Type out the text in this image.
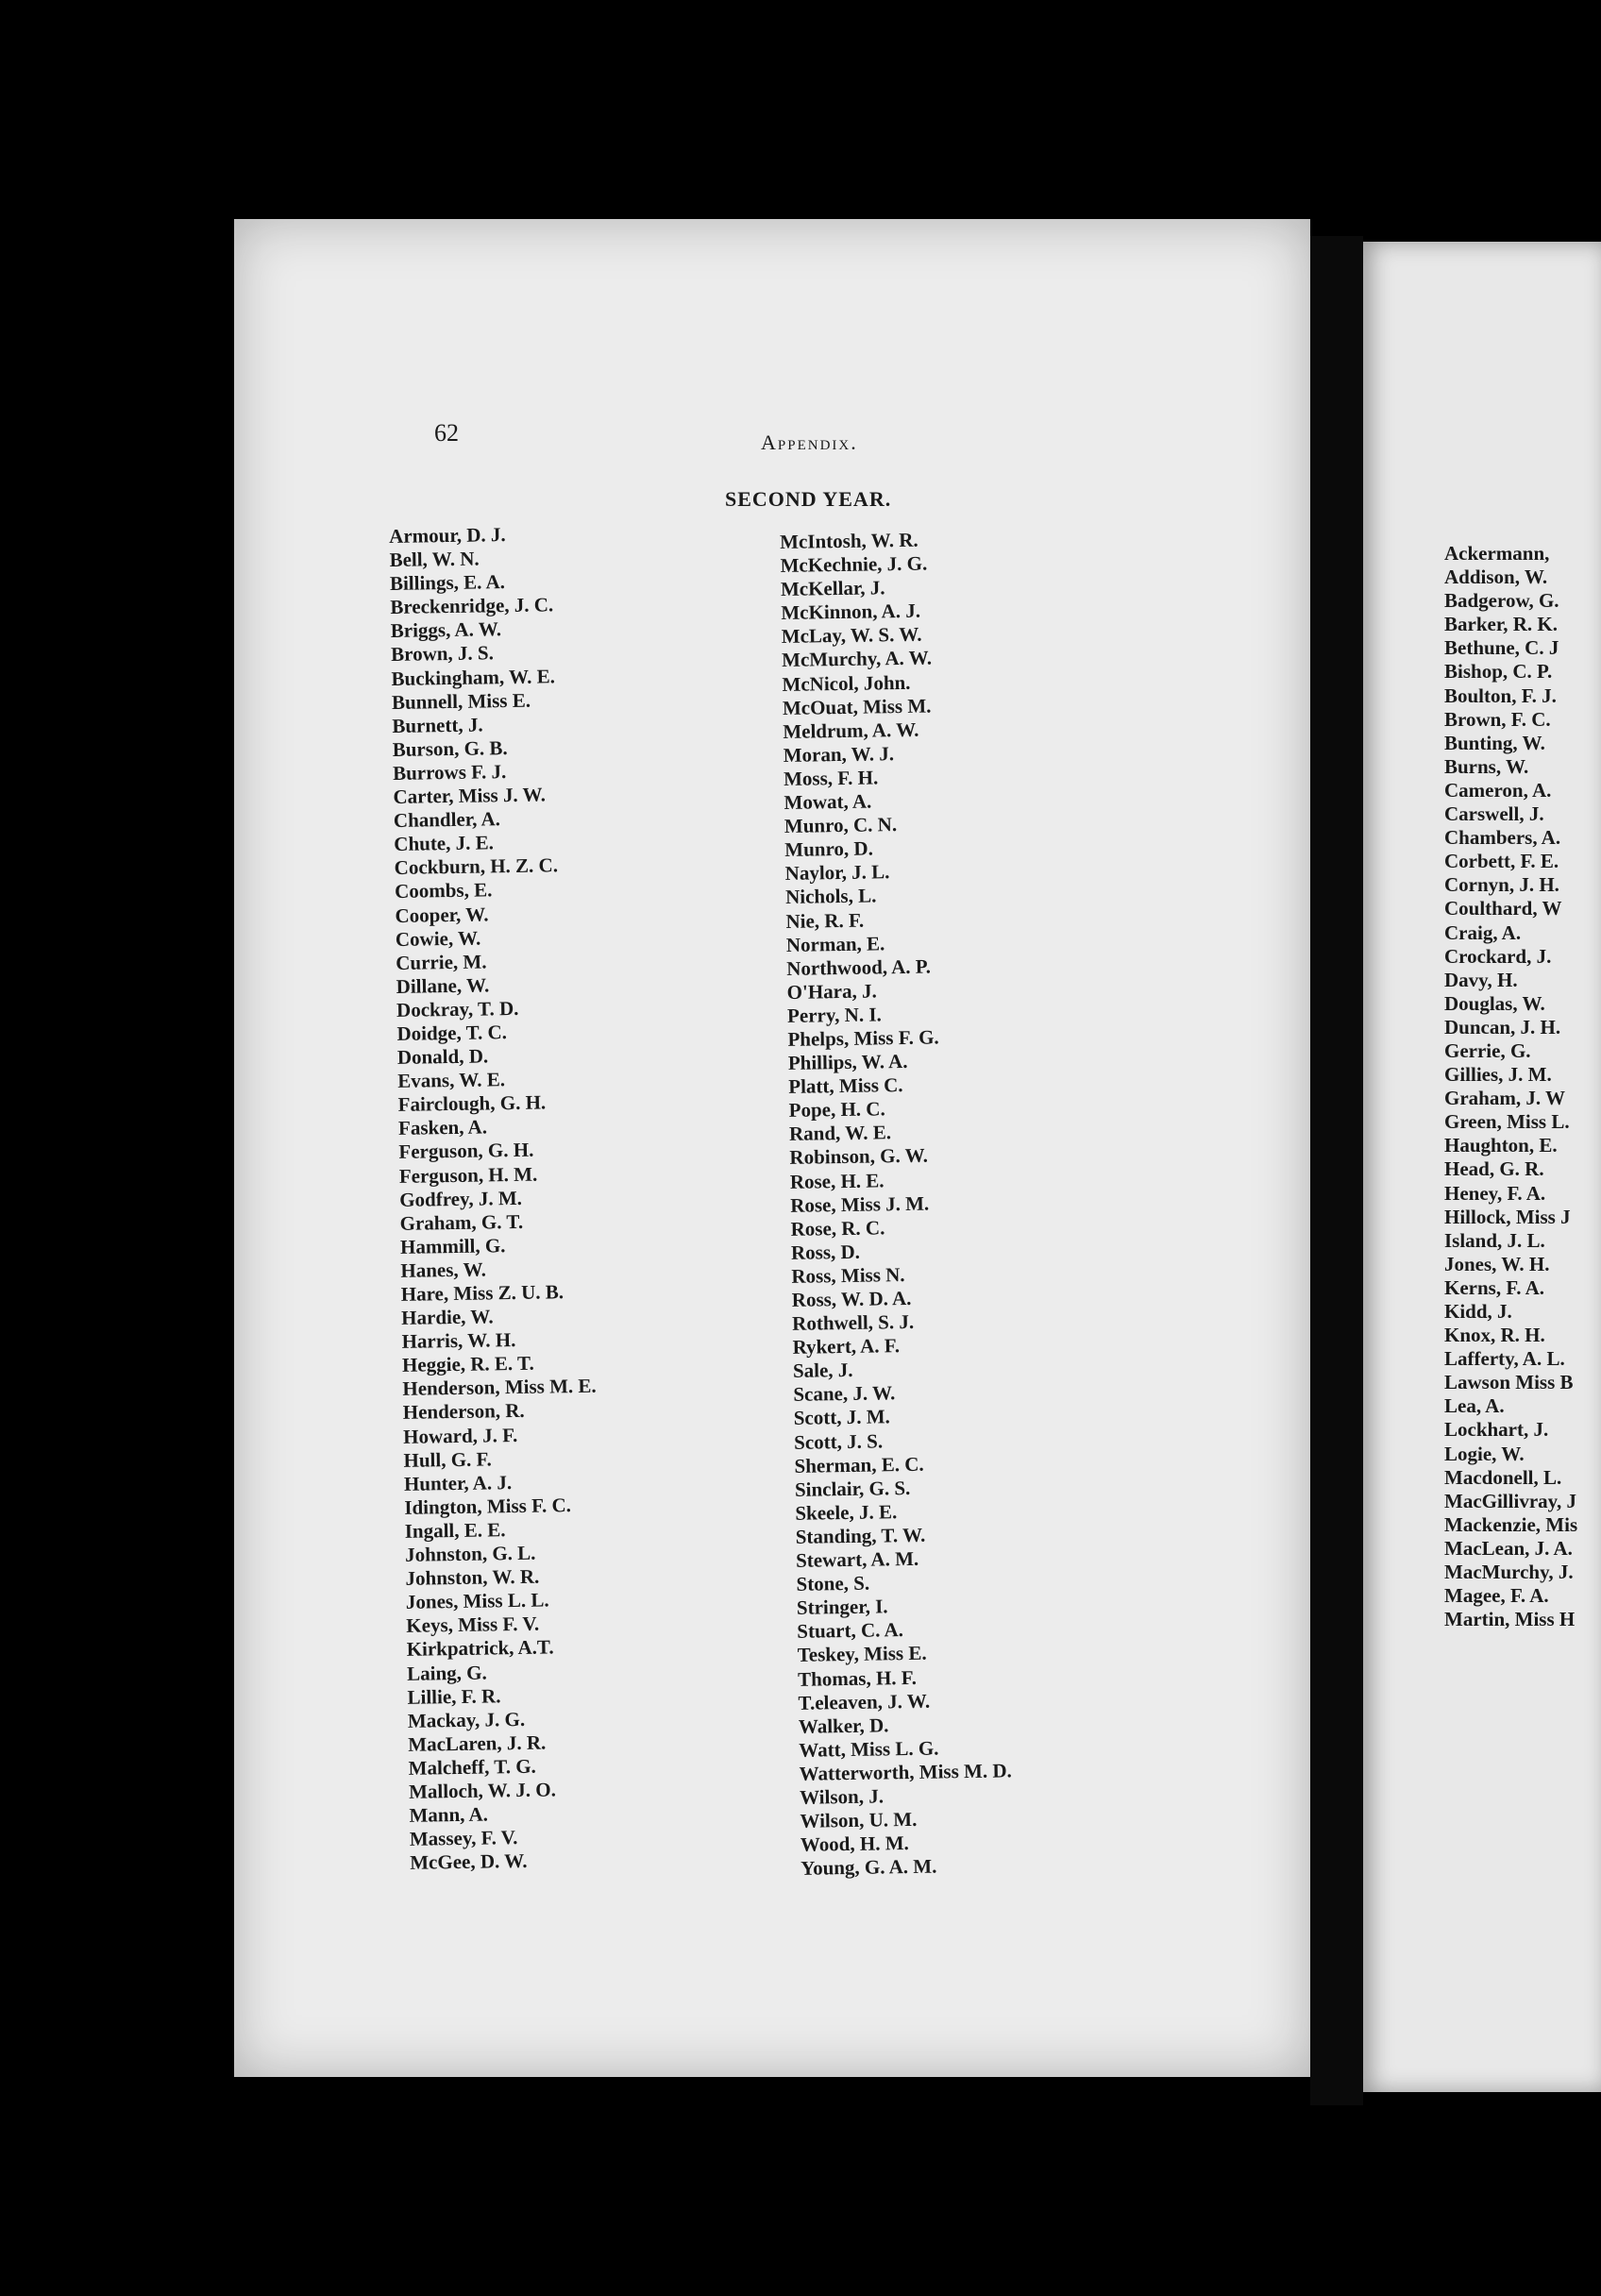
62	Appendix.
SECOND YEAR.
Armour, D. J.
Bell, W. N.
Billings, E. A.
Breckenridge, J. C.
Briggs, A. W.
Brown, J. S.
Buckingham, W. E.
Bunnell, Miss E.
Burnett, J.
Burson, G. B.
Burrows F. J.
Carter, Miss J. W.
Chandler, A.
Chute, J. E.
Cockburn, H. Z. C.
Coombs, E.
Cooper, W.
Cowie, W.
Currie, M.
Dillane, W.
Dockray, T. D.
Doidge, T. C.
Donald, D.
Evans, W. E.
Fairclough, G. H.
Fasken, A.
Ferguson, G. H.
Ferguson, H. M.
Godfrey, J. M.
Graham, G. T.
Hammill, G.
Hanes, W.
Hare, Miss Z. U. B.
Hardie, W.
Harris, W. H.
Heggie, R. E. T.
Henderson, Miss M. E.
Henderson, R.
Howard, J. F.
Hull, G. F.
Hunter, A. J.
Idington, Miss F. C.
Ingall, E. E.
Johnston, G. L.
Johnston, W. R.
Jones, Miss L. L.
Keys, Miss F. V.
Kirkpatrick, A.T.
Laing, G.
Lillie, F. R.
Mackay, J. G.
MacLaren, J. R.
Malcheff, T. G.
Malloch, W. J. O.
Mann, A.
Massey, F. V.
McGee, D. W.
McIntosh, W. R.
McKechnie, J. G.
McKellar, J.
McKinnon, A. J.
McLay, W. S. W.
McMurchy, A. W.
McNicol, John.
McOuat, Miss M.
Meldrum, A. W.
Moran, W. J.
Moss, F. H.
Mowat, A.
Munro, C. N.
Munro, D.
Naylor, J. L.
Nichols, L.
Nie, R. F.
Norman, E.
Northwood, A. P.
O'Hara, J.
Perry, N. I.
Phelps, Miss F. G.
Phillips, W. A.
Platt, Miss C.
Pope, H. C.
Rand, W. E.
Robinson, G. W.
Rose, H. E.
Rose, Miss J. M.
Rose, R. C.
Ross, D.
Ross, Miss N.
Ross, W. D. A.
Rothwell, S. J.
Rykert, A. F.
Sale, J.
Scane, J. W.
Scott, J. M.
Scott, J. S.
Sherman, E. C.
Sinclair, G. S.
Skeele, J. E.
Standing, T. W.
Stewart, A. M.
Stone, S.
Stringer, I.
Stuart, C. A.
Teskey, Miss E.
Thomas, H. F.
T.eleaven, J. W.
Walker, D.
Watt, Miss L. G.
Watterworth, Miss M. D.
Wilson, J.
Wilson, U. M.
Wood, H. M.
Young, G. A. M.
Ackermann,
Addison, W.
Badgerow, G.
Barker, R. K.
Bethune, C. J
Bishop, C. P.
Boulton, F. J.
Brown, F. C.
Bunting, W.
Burns, W.
Cameron, A.
Carswell, J.
Chambers, A.
Corbett, F. E.
Cornyn, J. H.
Coulthard, W
Craig, A.
Crockard, J.
Davy, H.
Douglas, W.
Duncan, J. H.
Gerrie, G.
Gillies, J. M.
Graham, J. W
Green, Miss L.
Haughton, E.
Head, G. R.
Heney, F. A.
Hillock, Miss J
Island, J. L.
Jones, W. H.
Kerns, F. A.
Kidd, J.
Knox, R. H.
Lafferty, A. L.
Lawson Miss B
Lea, A.
Lockhart, J.
Logie, W.
Macdonell, L.
MacGillivray, J
Mackenzie, Mis
MacLean, J. A.
MacMurchy, J.
Magee, F. A.
Martin, Miss H
